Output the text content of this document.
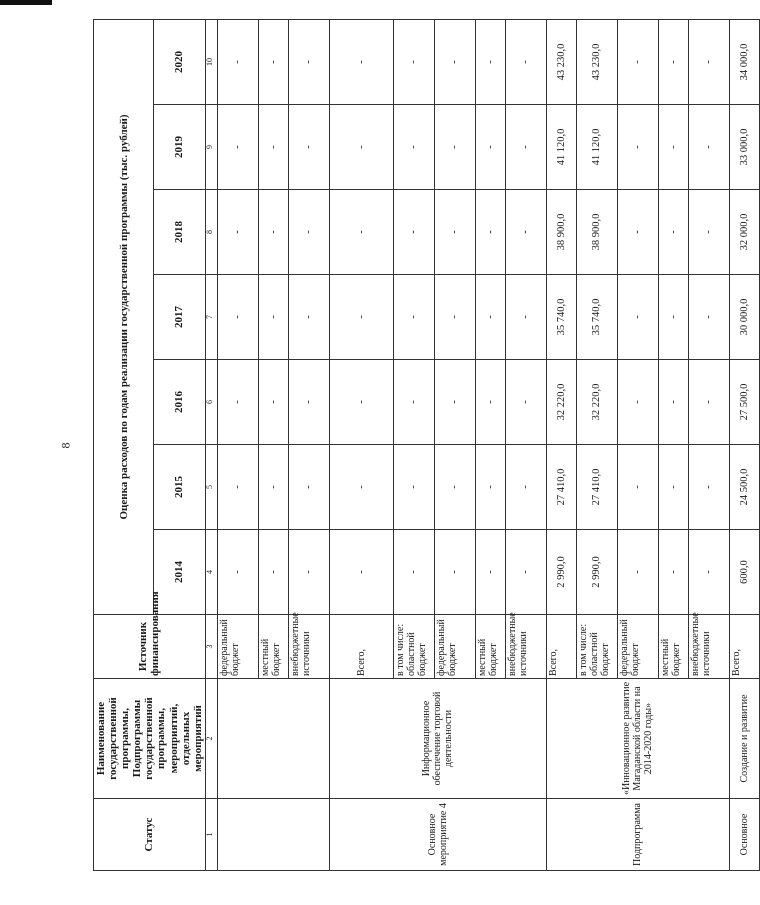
8
Статус	Наименование государственной программы, Подпрограммы государственной программы, мероприятий, отдельных мероприятий	Источник финансирования	Оценка расходов по годам реализации государственной программы (тыс. рублей)						
			2014	2015	2016	2017	2018	2019	2020
1	2	3	4	5	6	7	8	9	10
		федеральный бюджет	-	-	-	-	-	-	-
		местный бюджет	-	-	-	-	-	-	-
		внебюджетные источники	-	-	-	-	-	-	-
Основное мероприятие 4	Информационное обеспечение торговой деятельности	Всего,	-	-	-	-	-	-	-
		в том числе: областной бюджет	-	-	-	-	-	-	-
		федеральный бюджет	-	-	-	-	-	-	-
		местный бюджет	-	-	-	-	-	-	-
		внебюджетные источники	-	-	-	-	-	-	-
Подпрограмма	«Инновационное развитие Магаданской области на 2014-2020 годы»	Всего,	2 990,0	27 410,0	32 220,0	35 740,0	38 900,0	41 120,0	43 230,0
		в том числе: областной бюджет	2 990,0	27 410,0	32 220,0	35 740,0	38 900,0	41 120,0	43 230,0
		федеральный бюджет	-	-	-	-	-	-	-
		местный бюджет	-	-	-	-	-	-	-
		внебюджетные источники	-	-	-	-	-	-	-
Основное	Создание и развитие	Всего,	600,0	24 500,0	27 500,0	30 000,0	32 000,0	33 000,0	34 000,0
